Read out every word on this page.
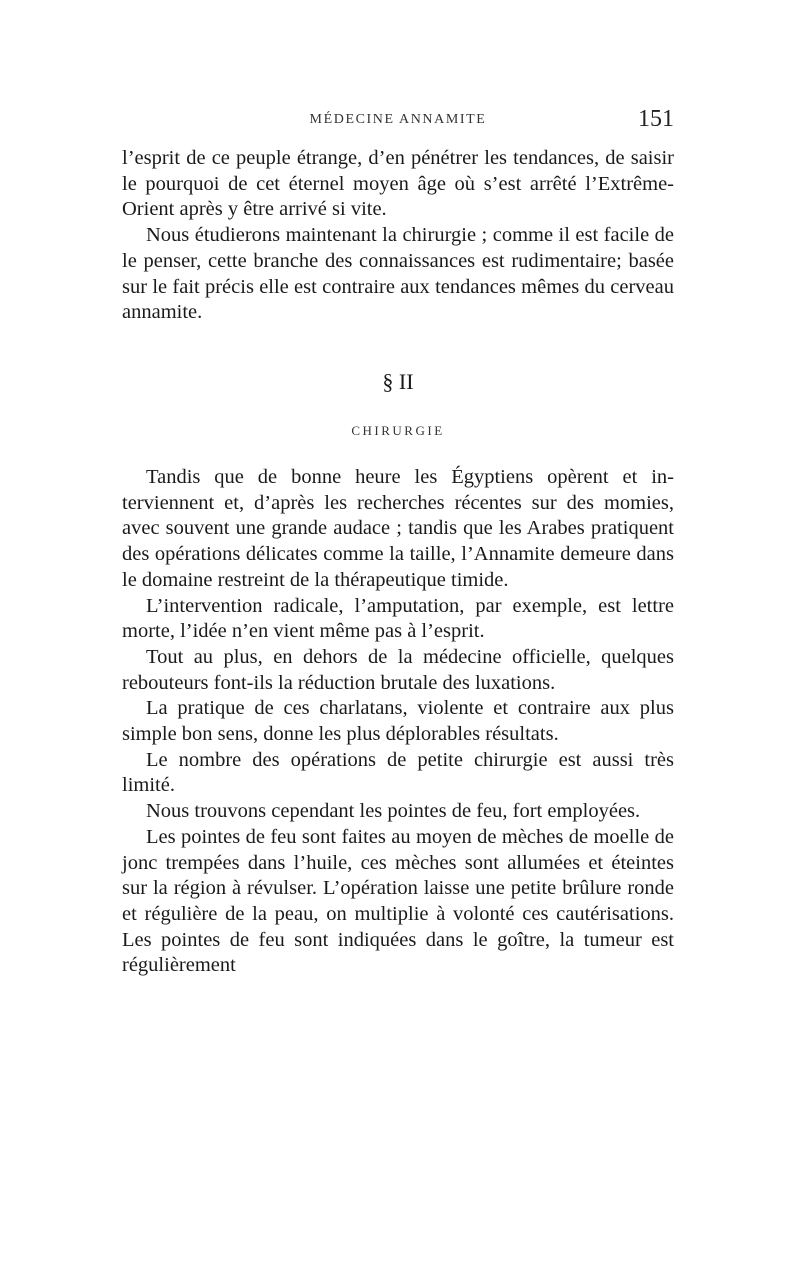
MÉDECINE ANNAMITE	151

l’esprit de ce peuple étrange, d’en pénétrer les tendances, de saisir le pourquoi de cet éternel moyen âge où s’est arrêté l’Extrême-Orient après y être arrivé si vite.

Nous étudierons maintenant la chirurgie ; comme il est facile de le penser, cette branche des connaissances est rudimentaire; basée sur le fait précis elle est contraire aux tendances mêmes du cerveau annamite.

§ II
CHIRURGIE

Tandis que de bonne heure les Égyptiens opèrent et interviennent et, d’après les recherches récentes sur des momies, avec souvent une grande audace ; tandis que les Arabes pratiquent des opérations délicates comme la taille, l’Annamite demeure dans le domaine restreint de la thérapeutique timide.

L’intervention radicale, l’amputation, par exemple, est lettre morte, l’idée n’en vient même pas à l’esprit.

Tout au plus, en dehors de la médecine officielle, quelques rebouteurs font-ils la réduction brutale des luxations.

La pratique de ces charlatans, violente et contraire aux plus simple bon sens, donne les plus déplorables résultats.

Le nombre des opérations de petite chirurgie est aussi très limité.

Nous trouvons cependant les pointes de feu, fort employées.

Les pointes de feu sont faites au moyen de mèches de moelle de jonc trempées dans l’huile, ces mèches sont allumées et éteintes sur la région à révulser. L’opération laisse une petite brûlure ronde et régulière de la peau, on multiplie à volonté ces cautérisations. Les pointes de feu sont indiquées dans le goître, la tumeur est régulièrement
